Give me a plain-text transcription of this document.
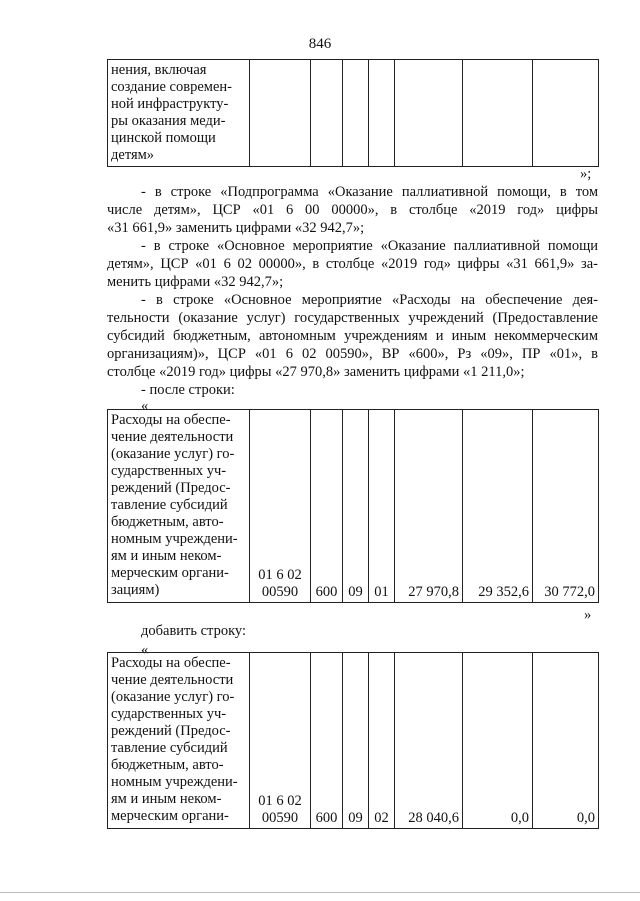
846
нения, включая
создание современ-
ной инфраструкту-
ры оказания меди-
цинской помощи
детям»							
»;
- в строке «Подпрограмма «Оказание паллиативной помощи, в том
числе детям», ЦСР «01 6 00 00000», в столбце «2019 год» цифры
«31 661,9» заменить цифрами «32 942,7»;
- в строке «Основное мероприятие «Оказание паллиативной помощи
детям», ЦСР «01 6 02 00000», в столбце «2019 год» цифры «31 661,9» за-
менить цифрами «32 942,7»;
- в строке «Основное мероприятие «Расходы на обеспечение дея-
тельности (оказание услуг) государственных учреждений (Предоставление
субсидий бюджетным, автономным учреждениям и иным некоммерческим
организациям)», ЦСР «01 6 02 00590», ВР «600», Рз «09», ПР «01», в
столбце «2019 год» цифры «27 970,8» заменить цифрами «1 211,0»;
- после строки:
«
Расходы на обеспе-
чение деятельности
(оказание услуг) го-
сударственных уч-
реждений (Предос-
тавление субсидий
бюджетным, авто-
номным учреждени-
ям и иным неком-
мерческим органи-
зациям)	01 6 02
00590	600	09	01	27 970,8	29 352,6	30 772,0
»
добавить строку:
«
Расходы на обеспе-
чение деятельности
(оказание услуг) го-
сударственных уч-
реждений (Предос-
тавление субсидий
бюджетным, авто-
номным учреждени-
ям и иным неком-
мерческим органи-	01 6 02
00590	600	09	02	28 040,6	0,0	0,0
